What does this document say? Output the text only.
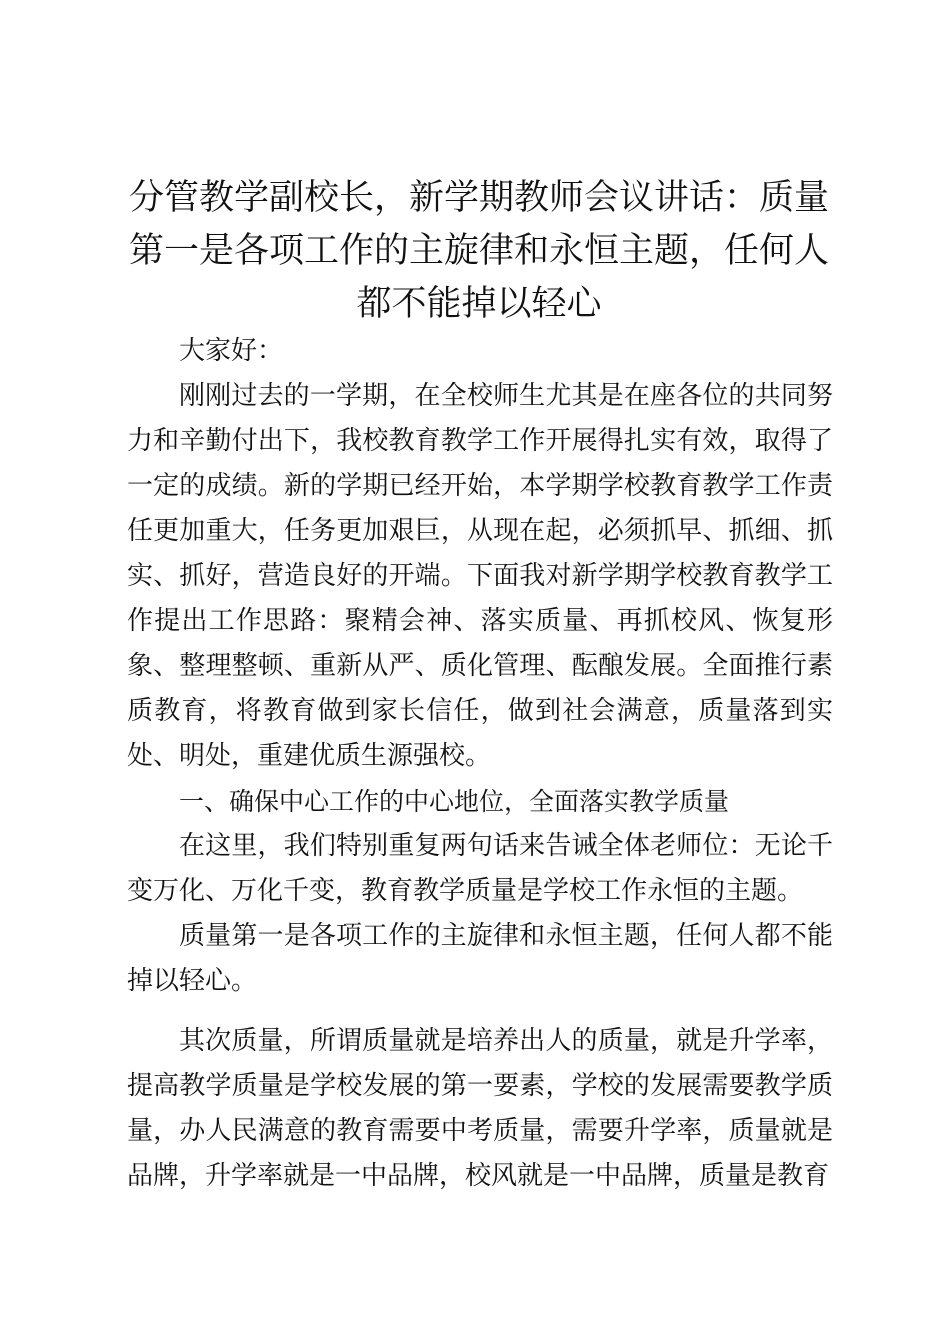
分管教学副校长，新学期教师会议讲话：质量
第一是各项工作的主旋律和永恒主题，任何人
都不能掉以轻心

大家好：

刚刚过去的一学期，在全校师生尤其是在座各位的共同努力和辛勤付出下，我校教育教学工作开展得扎实有效，取得了一定的成绩。新的学期已经开始，本学期学校教育教学工作责任更加重大，任务更加艰巨，从现在起，必须抓早、抓细、抓实、抓好，营造良好的开端。下面我对新学期学校教育教学工作提出工作思路：聚精会神、落实质量、再抓校风、恢复形象、整理整顿、重新从严、质化管理、酝酿发展。全面推行素质教育，将教育做到家长信任，做到社会满意，质量落到实处、明处，重建优质生源强校。

一、确保中心工作的中心地位，全面落实教学质量

在这里，我们特别重复两句话来告诫全体老师位：无论千变万化、万化千变，教育教学质量是学校工作永恒的主题。

质量第一是各项工作的主旋律和永恒主题，任何人都不能掉以轻心。

其次质量，所谓质量就是培养出人的质量，就是升学率，提高教学质量是学校发展的第一要素，学校的发展需要教学质量，办人民满意的教育需要中考质量，需要升学率，质量就是品牌，升学率就是一中品牌，校风就是一中品牌，质量是教育
